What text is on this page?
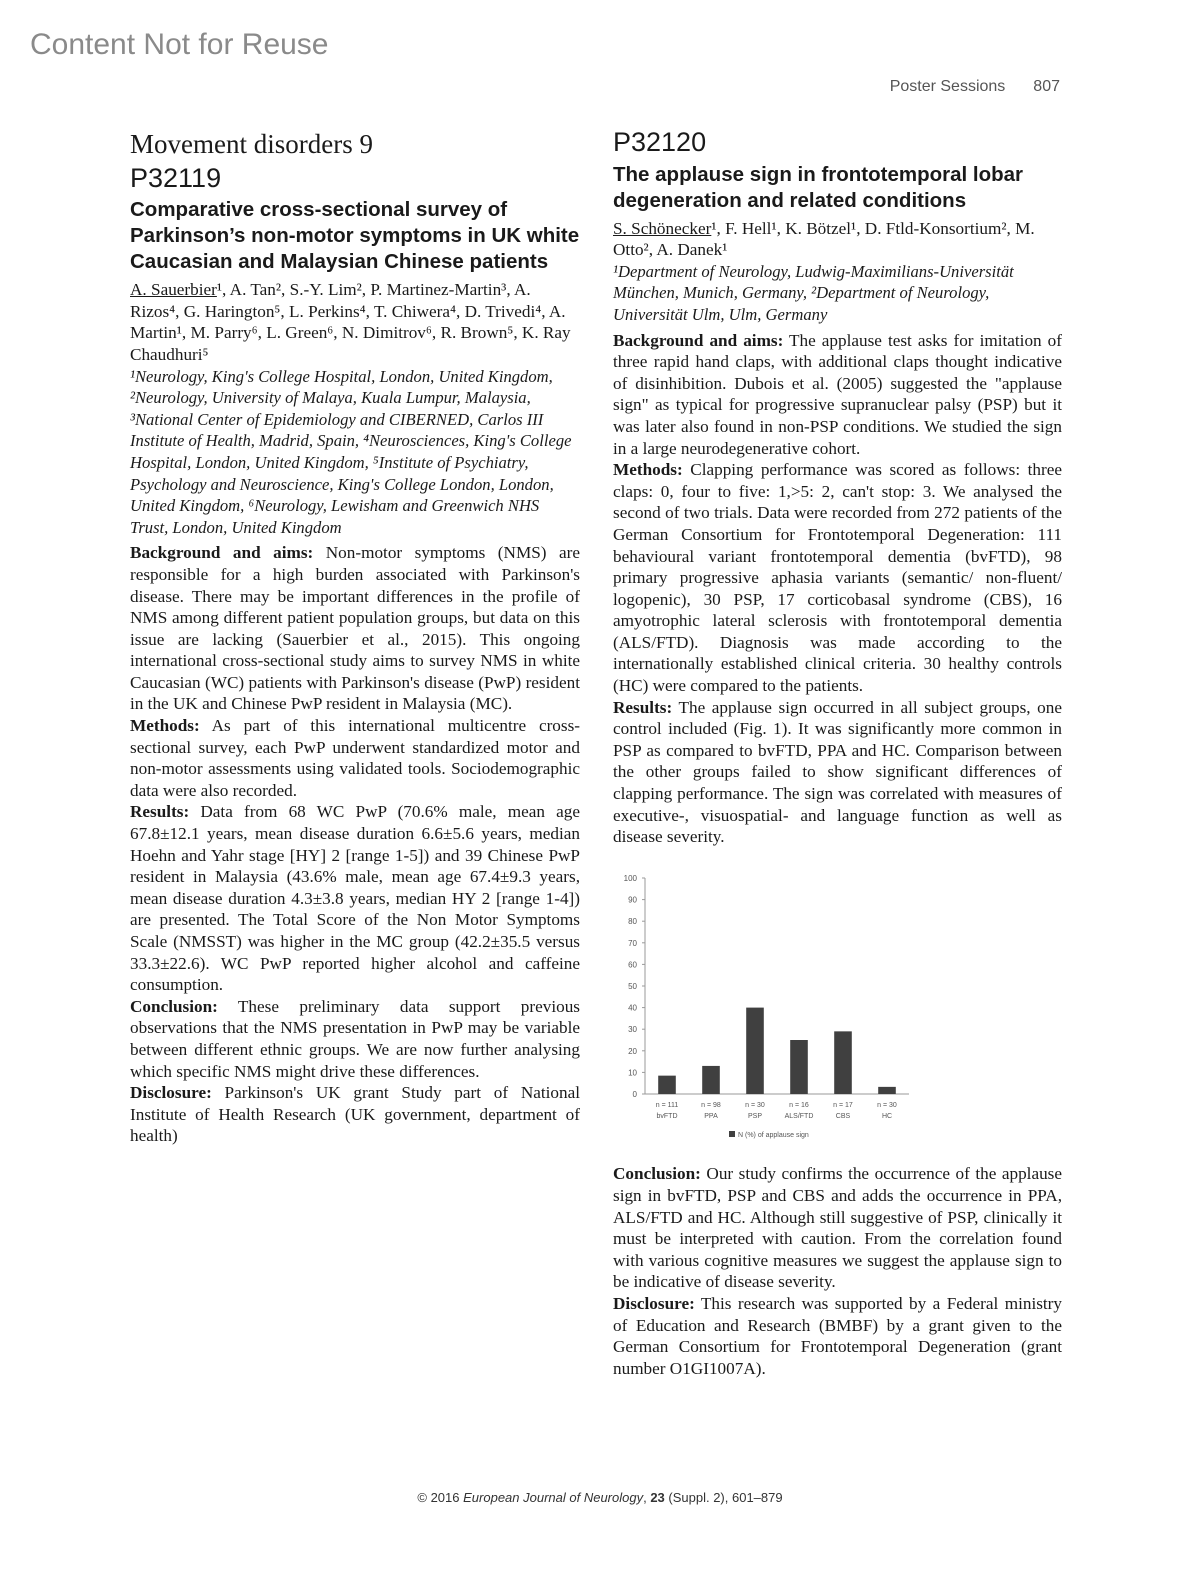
Content Not for Reuse
Poster Sessions 807
Movement disorders 9
P32119
Comparative cross-sectional survey of Parkinson’s non-motor symptoms in UK white Caucasian and Malaysian Chinese patients

A. Sauerbier¹, A. Tan², S.-Y. Lim², P. Martinez-Martin³, A. Rizos⁴, G. Harington⁵, L. Perkins⁴, T. Chiwera⁴, D. Trivedi⁴, A. Martin¹, M. Parry⁶, L. Green⁶, N. Dimitrov⁶, R. Brown⁵, K. Ray Chaudhuri⁵

¹Neurology, King's College Hospital, London, United Kingdom, ²Neurology, University of Malaya, Kuala Lumpur, Malaysia, ³National Center of Epidemiology and CIBERNED, Carlos III Institute of Health, Madrid, Spain, ⁴Neurosciences, King's College Hospital, London, United Kingdom, ⁵Institute of Psychiatry, Psychology and Neuroscience, King's College London, London, United Kingdom, ⁶Neurology, Lewisham and Greenwich NHS Trust, London, United Kingdom

Background and aims: Non-motor symptoms (NMS) are responsible for a high burden associated with Parkinson's disease. There may be important differences in the profile of NMS among different patient population groups, but data on this issue are lacking (Sauerbier et al., 2015). This ongoing international cross-sectional study aims to survey NMS in white Caucasian (WC) patients with Parkinson's disease (PwP) resident in the UK and Chinese PwP resident in Malaysia (MC).

Methods: As part of this international multicentre cross-sectional survey, each PwP underwent standardized motor and non-motor assessments using validated tools. Sociodemographic data were also recorded.

Results: Data from 68 WC PwP (70.6% male, mean age 67.8±12.1 years, mean disease duration 6.6±5.6 years, median Hoehn and Yahr stage [HY] 2 [range 1-5]) and 39 Chinese PwP resident in Malaysia (43.6% male, mean age 67.4±9.3 years, mean disease duration 4.3±3.8 years, median HY 2 [range 1-4]) are presented. The Total Score of the Non Motor Symptoms Scale (NMSST) was higher in the MC group (42.2±35.5 versus 33.3±22.6). WC PwP reported higher alcohol and caffeine consumption.

Conclusion: These preliminary data support previous observations that the NMS presentation in PwP may be variable between different ethnic groups. We are now further analysing which specific NMS might drive these differences.

Disclosure: Parkinson's UK grant Study part of National Institute of Health Research (UK government, department of health)

P32120
The applause sign in frontotemporal lobar degeneration and related conditions

S. Schönecker¹, F. Hell¹, K. Bötzel¹, D. Ftld-Konsortium², M. Otto², A. Danek¹

¹Department of Neurology, Ludwig-Maximilians-Universität München, Munich, Germany, ²Department of Neurology, Universität Ulm, Ulm, Germany

Background and aims: The applause test asks for imitation of three rapid hand claps, with additional claps thought indicative of disinhibition. Dubois et al. (2005) suggested the "applause sign" as typical for progressive supranuclear palsy (PSP) but it was later also found in non-PSP conditions. We studied the sign in a large neurodegenerative cohort.

Methods: Clapping performance was scored as follows: three claps: 0, four to five: 1,>5: 2, can't stop: 3. We analysed the second of two trials. Data were recorded from 272 patients of the German Consortium for Frontotemporal Degeneration: 111 behavioural variant frontotemporal dementia (bvFTD), 98 primary progressive aphasia variants (semantic/ non-fluent/ logopenic), 30 PSP, 17 corticobasal syndrome (CBS), 16 amyotrophic lateral sclerosis with frontotemporal dementia (ALS/FTD). Diagnosis was made according to the internationally established clinical criteria. 30 healthy controls (HC) were compared to the patients.

Results: The applause sign occurred in all subject groups, one control included (Fig. 1). It was significantly more common in PSP as compared to bvFTD, PPA and HC. Comparison between the other groups failed to show significant differences of clapping performance. The sign was correlated with measures of executive-, visuospatial- and language function as well as disease severity.

0
10
20
30
40
50
60
70
80
90
100
n = 111
bvFTD
n = 98
PPA
n = 30
PSP
n = 16
ALS/FTD
n = 17
CBS
n = 30
HC
N (%) of applause sign

Conclusion: Our study confirms the occurrence of the applause sign in bvFTD, PSP and CBS and adds the occurrence in PPA, ALS/FTD and HC. Although still suggestive of PSP, clinically it must be interpreted with caution. From the correlation found with various cognitive measures we suggest the applause sign to be indicative of disease severity.

Disclosure: This research was supported by a Federal ministry of Education and Research (BMBF) by a grant given to the German Consortium for Frontotemporal Degeneration (grant number O1GI1007A).

© 2016 European Journal of Neurology, 23 (Suppl. 2), 601–879
